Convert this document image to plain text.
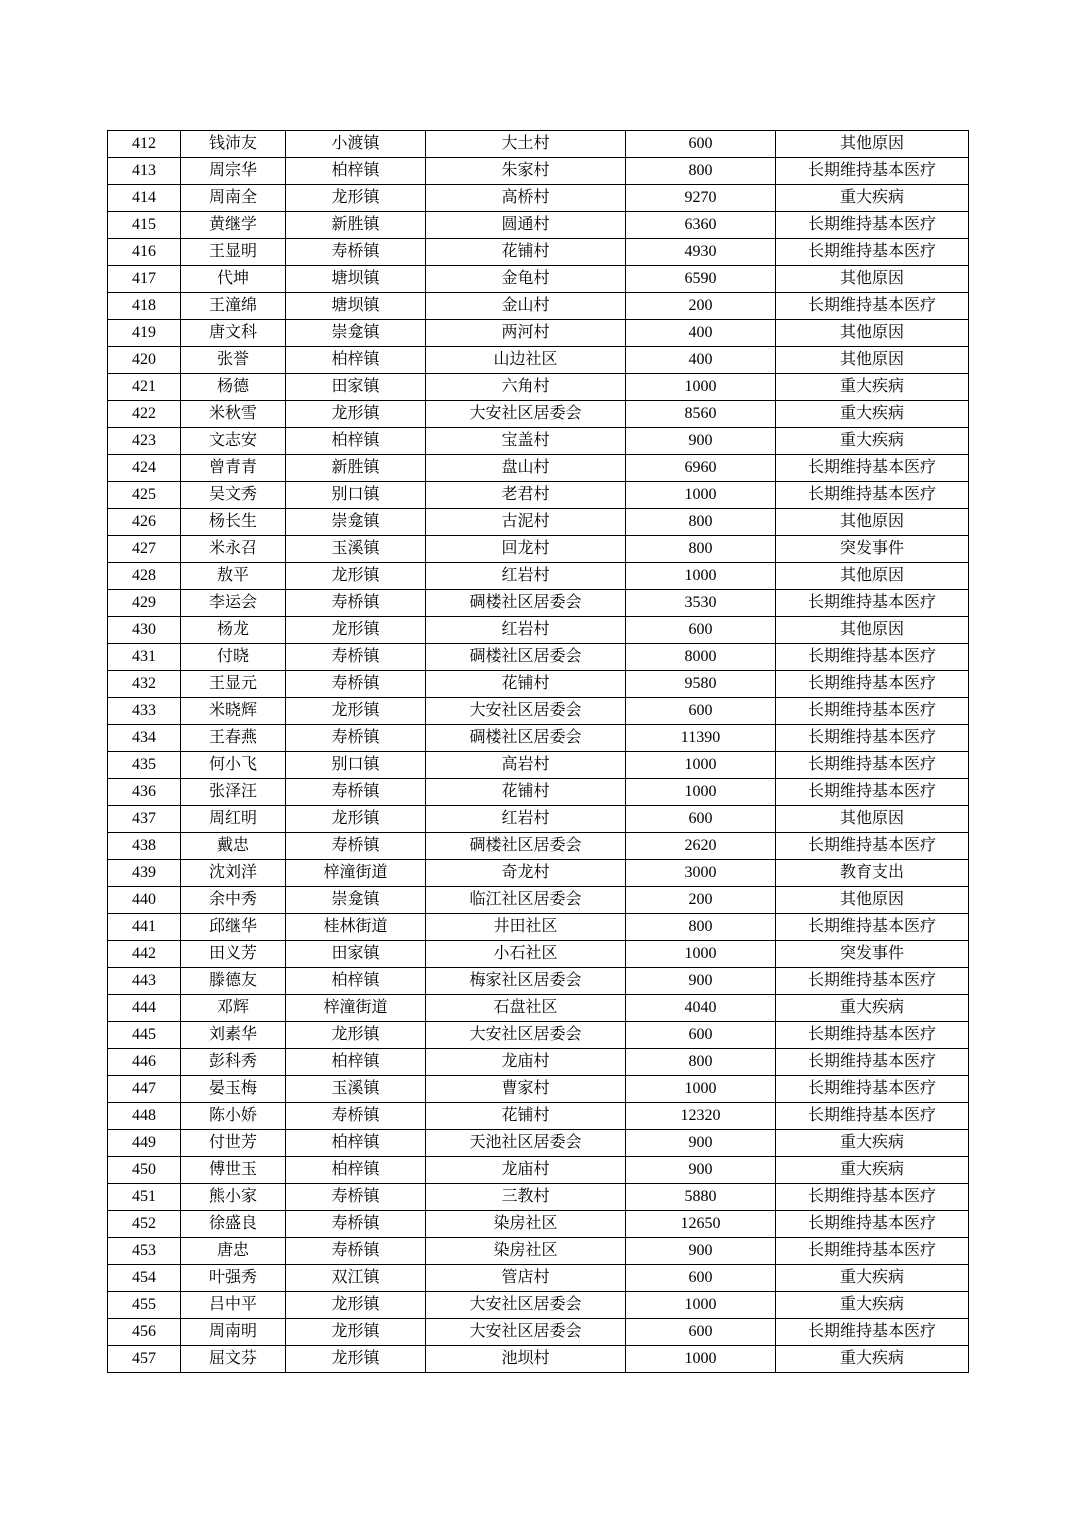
412	钱沛友	小渡镇	大土村	600	其他原因
413	周宗华	柏梓镇	朱家村	800	长期维持基本医疗
414	周南全	龙形镇	高桥村	9270	重大疾病
415	黄继学	新胜镇	圆通村	6360	长期维持基本医疗
416	王显明	寿桥镇	花铺村	4930	长期维持基本医疗
417	代坤	塘坝镇	金龟村	6590	其他原因
418	王潼绵	塘坝镇	金山村	200	长期维持基本医疗
419	唐文科	崇龛镇	两河村	400	其他原因
420	张誉	柏梓镇	山边社区	400	其他原因
421	杨德	田家镇	六角村	1000	重大疾病
422	米秋雪	龙形镇	大安社区居委会	8560	重大疾病
423	文志安	柏梓镇	宝盖村	900	重大疾病
424	曾青青	新胜镇	盘山村	6960	长期维持基本医疗
425	吴文秀	别口镇	老君村	1000	长期维持基本医疗
426	杨长生	崇龛镇	古泥村	800	其他原因
427	米永召	玉溪镇	回龙村	800	突发事件
428	敖平	龙形镇	红岩村	1000	其他原因
429	李运会	寿桥镇	碉楼社区居委会	3530	长期维持基本医疗
430	杨龙	龙形镇	红岩村	600	其他原因
431	付晓	寿桥镇	碉楼社区居委会	8000	长期维持基本医疗
432	王显元	寿桥镇	花铺村	9580	长期维持基本医疗
433	米晓辉	龙形镇	大安社区居委会	600	长期维持基本医疗
434	王春燕	寿桥镇	碉楼社区居委会	11390	长期维持基本医疗
435	何小飞	别口镇	高岩村	1000	长期维持基本医疗
436	张泽汪	寿桥镇	花铺村	1000	长期维持基本医疗
437	周红明	龙形镇	红岩村	600	其他原因
438	戴忠	寿桥镇	碉楼社区居委会	2620	长期维持基本医疗
439	沈刘洋	梓潼街道	奇龙村	3000	教育支出
440	余中秀	崇龛镇	临江社区居委会	200	其他原因
441	邱继华	桂林街道	井田社区	800	长期维持基本医疗
442	田义芳	田家镇	小石社区	1000	突发事件
443	滕德友	柏梓镇	梅家社区居委会	900	长期维持基本医疗
444	邓辉	梓潼街道	石盘社区	4040	重大疾病
445	刘素华	龙形镇	大安社区居委会	600	长期维持基本医疗
446	彭科秀	柏梓镇	龙庙村	800	长期维持基本医疗
447	晏玉梅	玉溪镇	曹家村	1000	长期维持基本医疗
448	陈小娇	寿桥镇	花铺村	12320	长期维持基本医疗
449	付世芳	柏梓镇	天池社区居委会	900	重大疾病
450	傅世玉	柏梓镇	龙庙村	900	重大疾病
451	熊小家	寿桥镇	三教村	5880	长期维持基本医疗
452	徐盛良	寿桥镇	染房社区	12650	长期维持基本医疗
453	唐忠	寿桥镇	染房社区	900	长期维持基本医疗
454	叶强秀	双江镇	管店村	600	重大疾病
455	吕中平	龙形镇	大安社区居委会	1000	重大疾病
456	周南明	龙形镇	大安社区居委会	600	长期维持基本医疗
457	屈文芬	龙形镇	池坝村	1000	重大疾病
